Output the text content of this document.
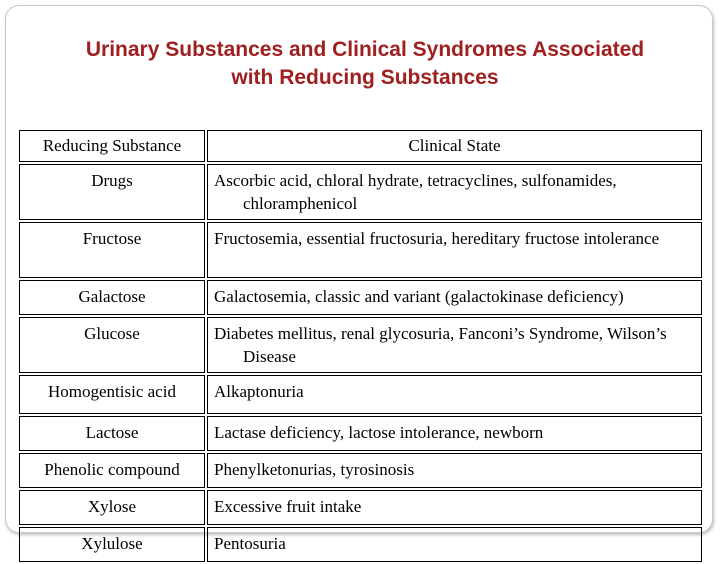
Urinary Substances and Clinical Syndromes Associated
with Reducing Substances
Reducing Substance	Clinical State
Drugs	Ascorbic acid, chloral hydrate, tetracyclines, sulfonamides, chloramphenicol
Fructose	Fructosemia, essential fructosuria, hereditary fructose intolerance
Galactose	Galactosemia, classic and variant (galactokinase deficiency)
Glucose	Diabetes mellitus, renal glycosuria, Fanconi’s Syndrome, Wilson’s Disease
Homogentisic acid	Alkaptonuria
Lactose	Lactase deficiency, lactose intolerance, newborn
Phenolic compound	Phenylketonurias, tyrosinosis
Xylose	Excessive fruit intake
Xylulose	Pentosuria
